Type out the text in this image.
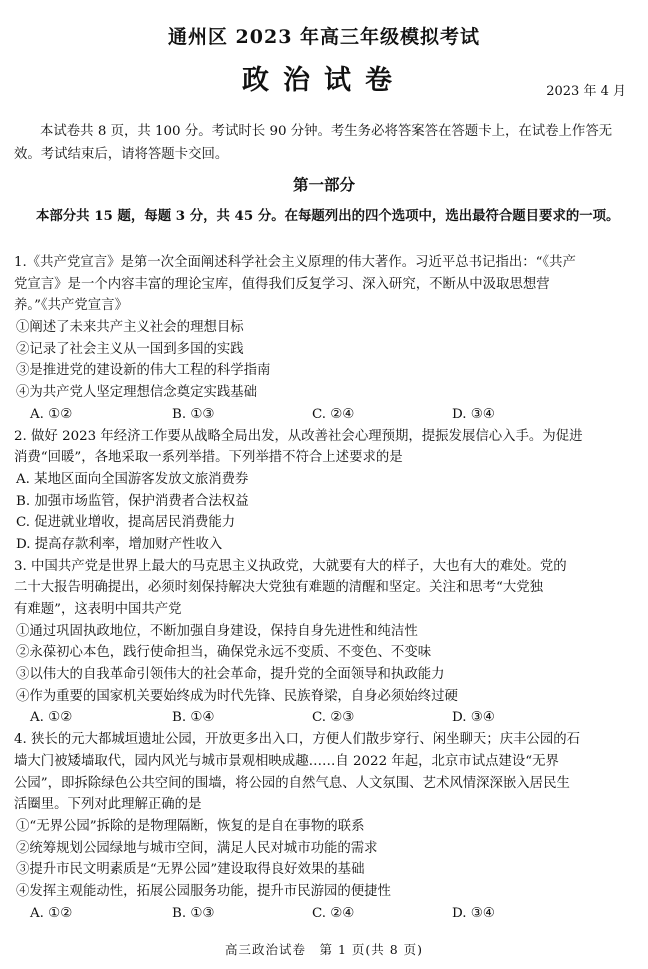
通州区 2023 年高三年级模拟考试
政治试卷	2023 年 4 月
本试卷共 8 页，共 100 分。考试时长 90 分钟。考生务必将答案答在答题卡上，在试卷上作答无效。考试结束后，请将答题卡交回。
第一部分
本部分共 15 题，每题 3 分，共 45 分。在每题列出的四个选项中，选出最符合题目要求的一项。
1.《共产党宣言》是第一次全面阐述科学社会主义原理的伟大著作。习近平总书记指出：“《共产
党宣言》是一个内容丰富的理论宝库，值得我们反复学习、深入研究，不断从中汲取思想营
养。”《共产党宣言》
①阐述了未来共产主义社会的理想目标
②记录了社会主义从一国到多国的实践
③是推进党的建设新的伟大工程的科学指南
④为共产党人坚定理想信念奠定实践基础
A. ①②	B. ①③	C. ②④	D. ③④
2. 做好 2023 年经济工作要从战略全局出发，从改善社会心理预期，提振发展信心入手。为促进
消费“回暖”，各地采取一系列举措。下列举措不符合上述要求的是
A. 某地区面向全国游客发放文旅消费券
B. 加强市场监管，保护消费者合法权益
C. 促进就业增收，提高居民消费能力
D. 提高存款利率，增加财产性收入
3. 中国共产党是世界上最大的马克思主义执政党，大就要有大的样子，大也有大的难处。党的
二十大报告明确提出，必须时刻保持解决大党独有难题的清醒和坚定。关注和思考“大党独
有难题”，这表明中国共产党
①通过巩固执政地位，不断加强自身建设，保持自身先进性和纯洁性
②永葆初心本色，践行使命担当，确保党永远不变质、不变色、不变味
③以伟大的自我革命引领伟大的社会革命，提升党的全面领导和执政能力
④作为重要的国家机关要始终成为时代先锋、民族脊梁，自身必须始终过硬
A. ①②	B. ①④	C. ②③	D. ③④
4. 狭长的元大都城垣遗址公园，开放更多出入口，方便人们散步穿行、闲坐聊天；庆丰公园的石
墙大门被矮墙取代，园内风光与城市景观相映成趣……自 2022 年起，北京市试点建设“无界
公园”，即拆除绿色公共空间的围墙，将公园的自然气息、人文氛围、艺术风情深深嵌入居民生
活圈里。下列对此理解正确的是
①“无界公园”拆除的是物理隔断，恢复的是自在事物的联系
②统筹规划公园绿地与城市空间，满足人民对城市功能的需求
③提升市民文明素质是“无界公园”建设取得良好效果的基础
④发挥主观能动性，拓展公园服务功能，提升市民游园的便捷性
A. ①②	B. ①③	C. ②④	D. ③④
高三政治试卷　第 1 页(共 8 页)
